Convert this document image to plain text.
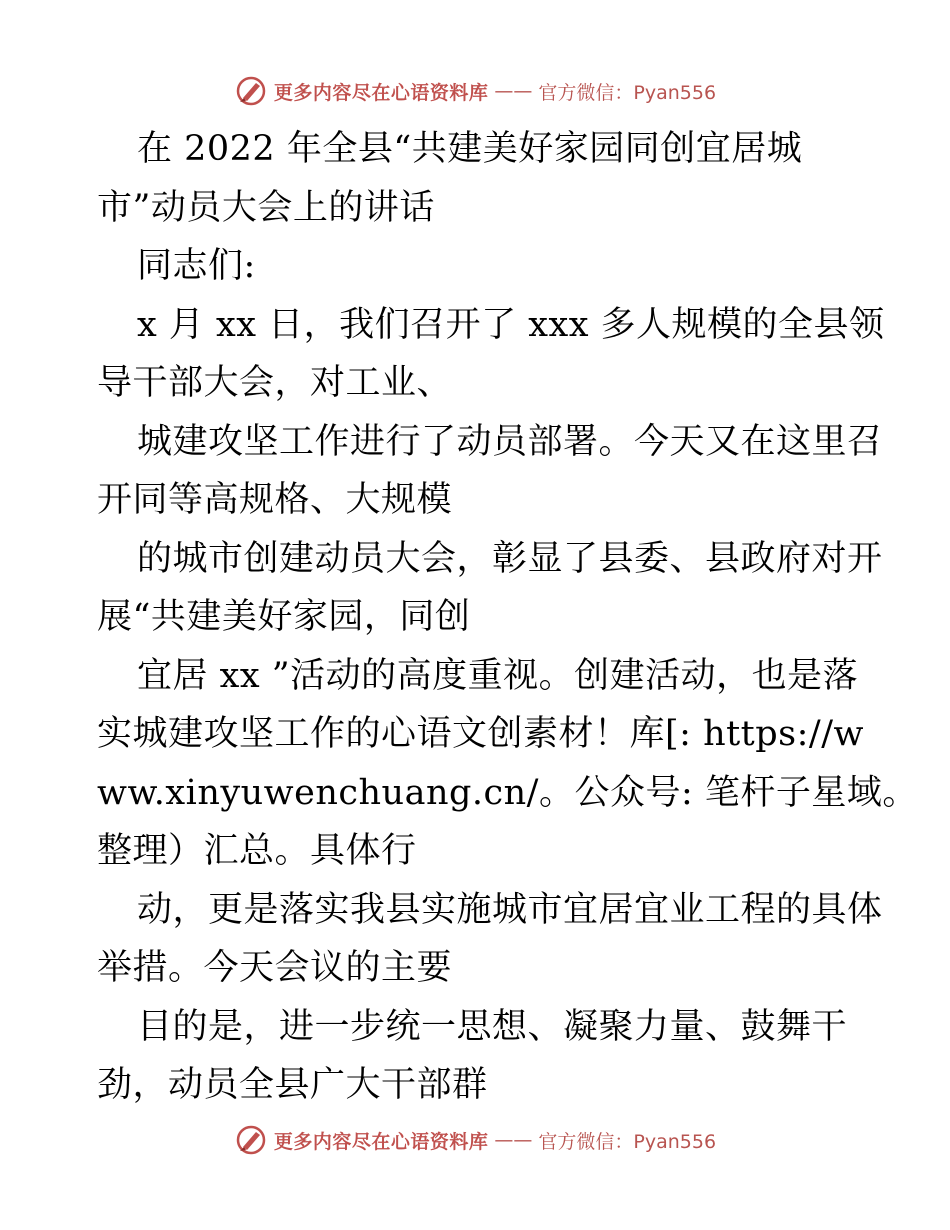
更多内容尽在心语资料库 —— 官方微信：Pyan556
在 2022 年全县“共建美好家园同创宜居城
市”动员大会上的讲话
同志们:
x 月 xx 日，我们召开了 xxx 多人规模的全县领
导干部大会，对工业、
城建攻坚工作进行了动员部署。今天又在这里召
开同等高规格、大规模
的城市创建动员大会，彰显了县委、县政府对开
展“共建美好家园，同创
宜居 xx ”活动的高度重视。创建活动，也是落
实城建攻坚工作的心语文创素材！库[: https://w
ww.xinyuwenchuang.cn/。公众号: 笔杆子星域。
整理）汇总。具体行
动，更是落实我县实施城市宜居宜业工程的具体
举措。今天会议的主要
目的是，进一步统一思想、凝聚力量、鼓舞干
劲，动员全县广大干部群
更多内容尽在心语资料库 —— 官方微信：Pyan556
